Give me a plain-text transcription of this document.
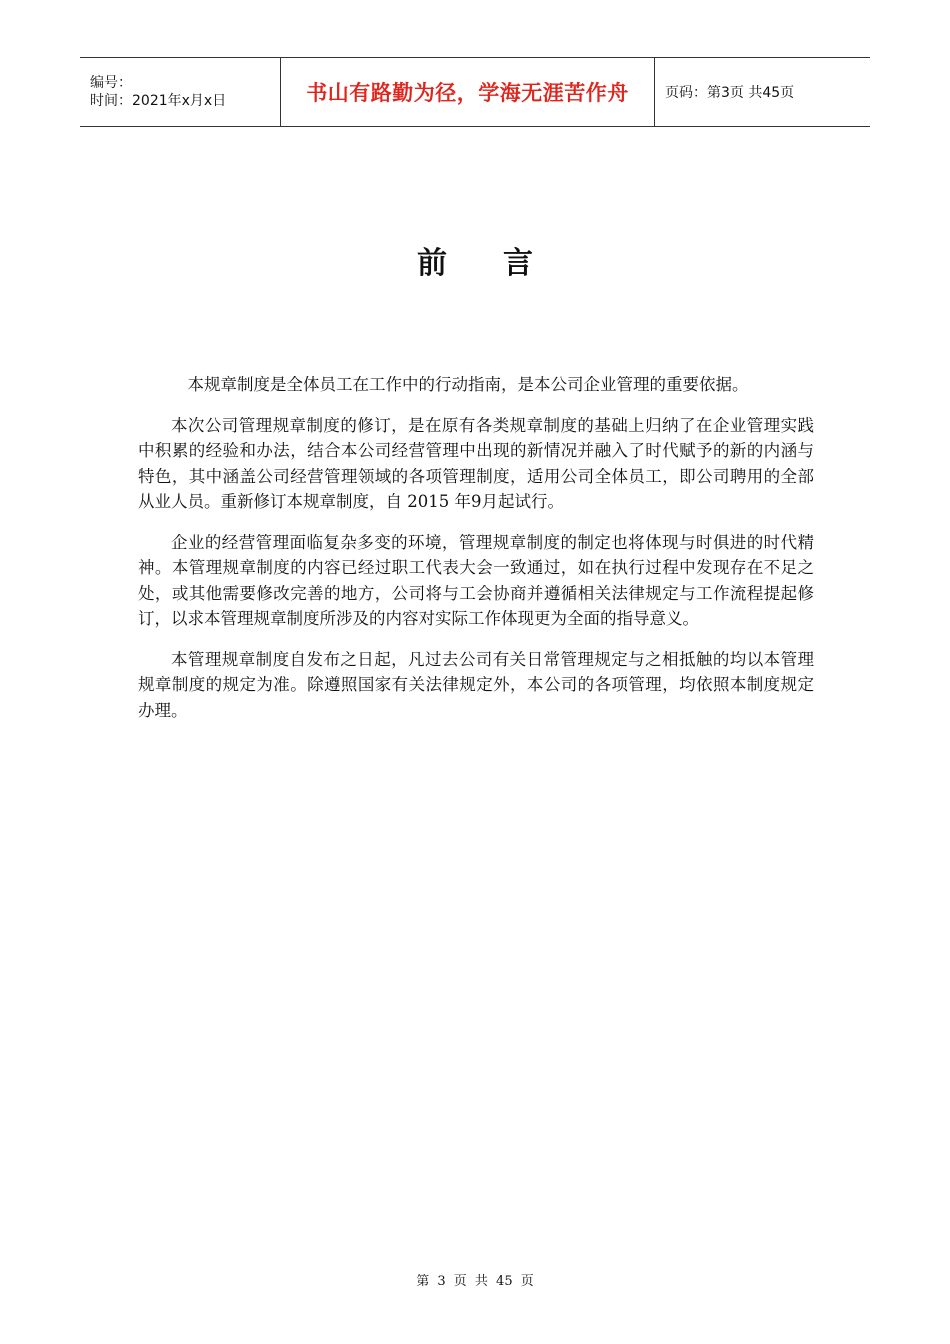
编号：
时间：2021年x月x日	书山有路勤为径，学海无涯苦作舟	页码：第3页 共45页
前言

本规章制度是全体员工在工作中的行动指南，是本公司企业管理的重要依据。

本次公司管理规章制度的修订，是在原有各类规章制度的基础上归纳了在企业管理实践中积累的经验和办法，结合本公司经营管理中出现的新情况并融入了时代赋予的新的内涵与特色，其中涵盖公司经营管理领域的各项管理制度，适用公司全体员工，即公司聘用的全部从业人员。重新修订本规章制度，自 2015 年9月起试行。

企业的经营管理面临复杂多变的环境，管理规章制度的制定也将体现与时俱进的时代精神。本管理规章制度的内容已经过职工代表大会一致通过，如在执行过程中发现存在不足之处，或其他需要修改完善的地方，公司将与工会协商并遵循相关法律规定与工作流程提起修订，以求本管理规章制度所涉及的内容对实际工作体现更为全面的指导意义。

本管理规章制度自发布之日起，凡过去公司有关日常管理规定与之相抵触的均以本管理规章制度的规定为准。除遵照国家有关法律规定外，本公司的各项管理，均依照本制度规定办理。

第 3 页 共 45 页
